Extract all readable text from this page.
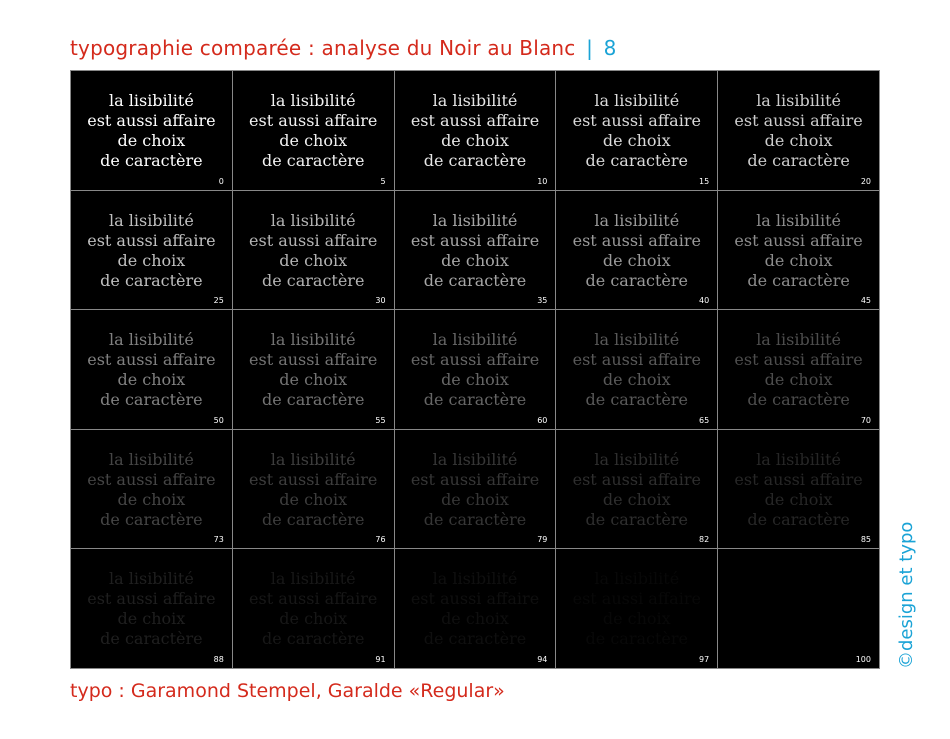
typographie comparée : analyse du Noir au Blanc | 8
la lisibilité
est aussi affaire
de choix
de caractère
0
la lisibilité
est aussi affaire
de choix
de caractère
5
la lisibilité
est aussi affaire
de choix
de caractère
10
la lisibilité
est aussi affaire
de choix
de caractère
15
la lisibilité
est aussi affaire
de choix
de caractère
20
la lisibilité
est aussi affaire
de choix
de caractère
25
la lisibilité
est aussi affaire
de choix
de caractère
30
la lisibilité
est aussi affaire
de choix
de caractère
35
la lisibilité
est aussi affaire
de choix
de caractère
40
la lisibilité
est aussi affaire
de choix
de caractère
45
la lisibilité
est aussi affaire
de choix
de caractère
50
la lisibilité
est aussi affaire
de choix
de caractère
55
la lisibilité
est aussi affaire
de choix
de caractère
60
la lisibilité
est aussi affaire
de choix
de caractère
65
la lisibilité
est aussi affaire
de choix
de caractère
70
la lisibilité
est aussi affaire
de choix
de caractère
73
la lisibilité
est aussi affaire
de choix
de caractère
76
la lisibilité
est aussi affaire
de choix
de caractère
79
la lisibilité
est aussi affaire
de choix
de caractère
82
la lisibilité
est aussi affaire
de choix
de caractère
85
la lisibilité
est aussi affaire
de choix
de caractère
88
la lisibilité
est aussi affaire
de choix
de caractère
91
la lisibilité
est aussi affaire
de choix
de caractère
94
la lisibilité
est aussi affaire
de choix
de caractère
97
la lisibilité
est aussi affaire
de choix
de caractère
100
typo : Garamond Stempel, Garalde «Regular»
©design et typo
